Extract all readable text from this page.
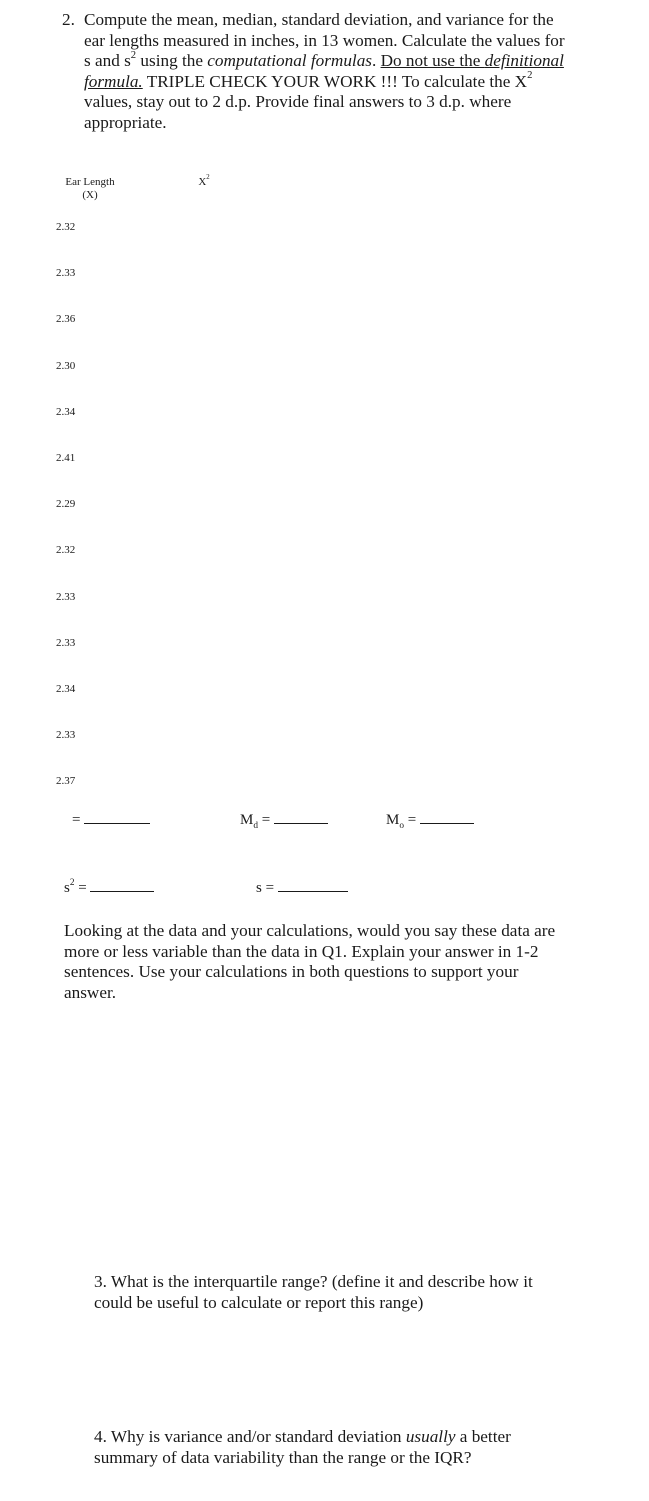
2. Compute the mean, median, standard deviation, and variance for the ear lengths measured in inches, in 13 women. Calculate the values for s and $s^2$ using the computational formulas. Do not use the definitional formula. TRIPLE CHECK YOUR WORK !!! To calculate the $X^2$ values, stay out to 2 d.p. Provide final answers to 3 d.p. where appropriate.
Ear Length
(X)
$X^2$
2.32
2.33
2.36
2.30
2.34
2.41
2.29
2.32
2.33
2.33
2.34
2.33
2.37
=	$M_d$ =	$M_o$ =
$s^2$ =	s =
Looking at the data and your calculations, would you say these data are more or less variable than the data in Q1. Explain your answer in 1-2 sentences. Use your calculations in both questions to support your answer.
3. What is the interquartile range? (define it and describe how it could be useful to calculate or report this range)
4. Why is variance and/or standard deviation usually a better summary of data variability than the range or the IQR?
